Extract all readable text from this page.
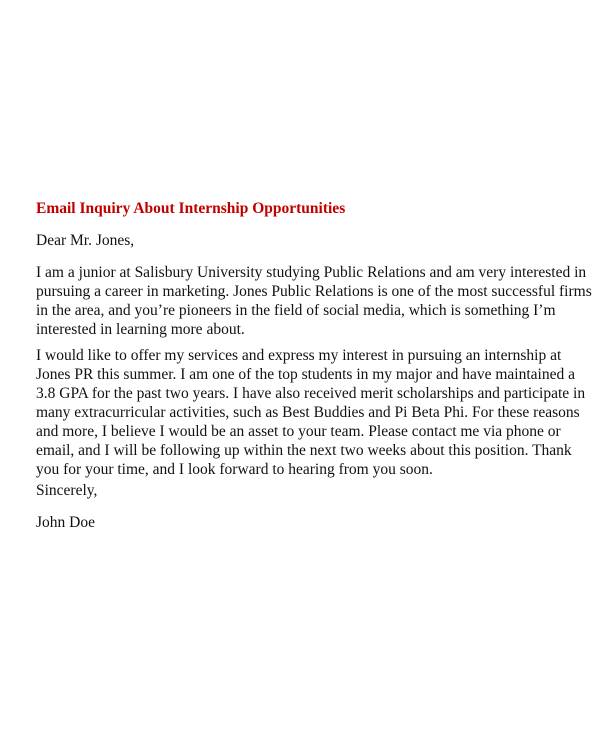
Email Inquiry About Internship Opportunities
Dear Mr. Jones,
I am a junior at Salisbury University studying Public Relations and am very interested in
pursuing a career in marketing. Jones Public Relations is one of the most successful firms
in the area, and you’re pioneers in the field of social media, which is something I’m
interested in learning more about.
I would like to offer my services and express my interest in pursuing an internship at
Jones PR this summer. I am one of the top students in my major and have maintained a
3.8 GPA for the past two years. I have also received merit scholarships and participate in
many extracurricular activities, such as Best Buddies and Pi Beta Phi. For these reasons
and more, I believe I would be an asset to your team. Please contact me via phone or
email, and I will be following up within the next two weeks about this position. Thank
you for your time, and I look forward to hearing from you soon.
Sincerely,
John Doe
